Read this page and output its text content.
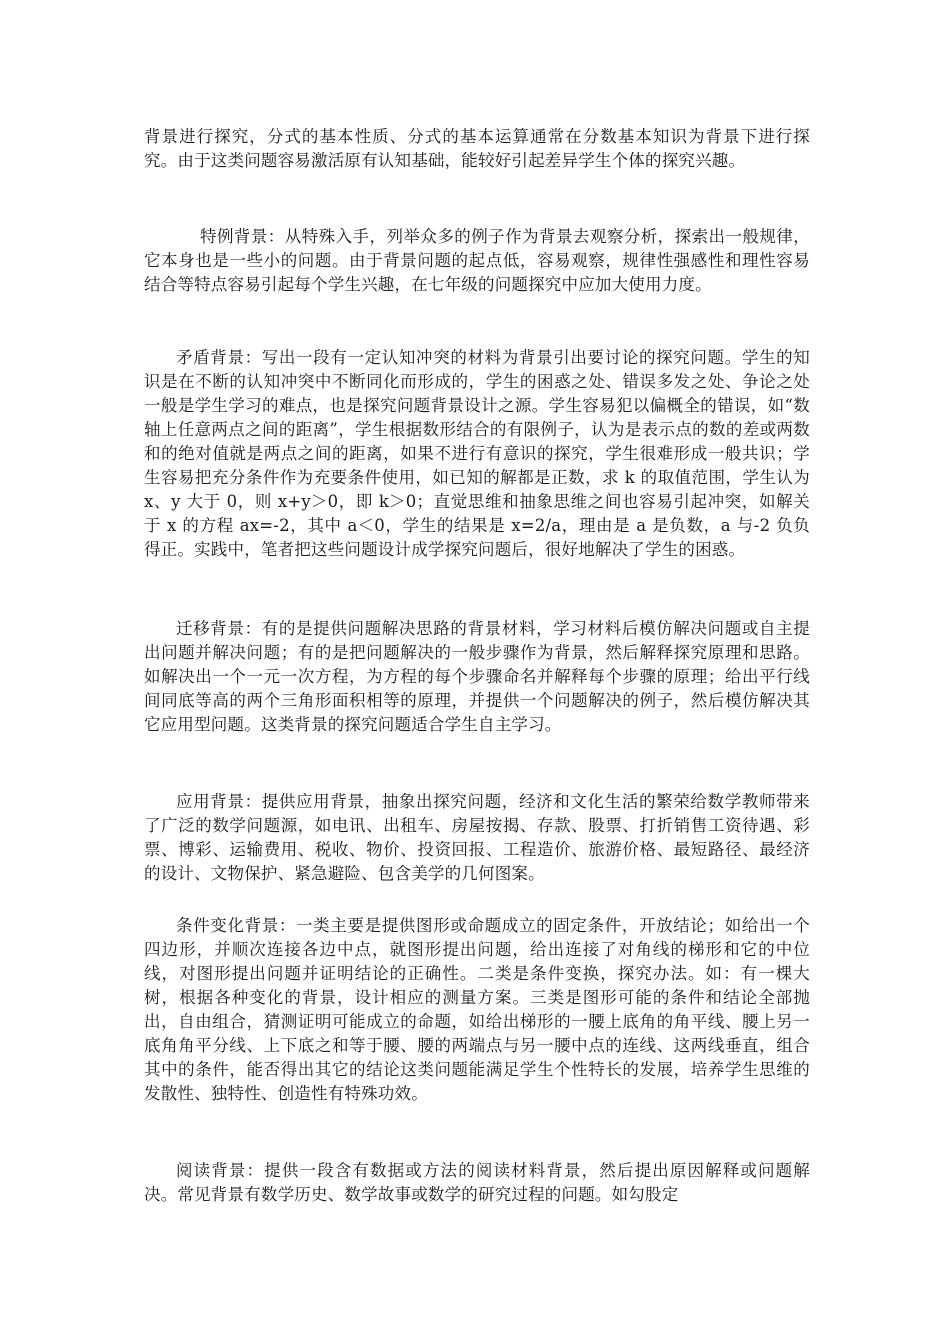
背景进行探究，分式的基本性质、分式的基本运算通常在分数基本知识为背景下进行探究。由于这类问题容易激活原有认知基础，能较好引起差异学生个体的探究兴趣。

特例背景：从特殊入手，列举众多的例子作为背景去观察分析，探索出一般规律，它本身也是一些小的问题。由于背景问题的起点低，容易观察，规律性强感性和理性容易结合等特点容易引起每个学生兴趣，在七年级的问题探究中应加大使用力度。

矛盾背景：写出一段有一定认知冲突的材料为背景引出要讨论的探究问题。学生的知识是在不断的认知冲突中不断同化而形成的，学生的困惑之处、错误多发之处、争论之处一般是学生学习的难点，也是探究问题背景设计之源。学生容易犯以偏概全的错误，如“数轴上任意两点之间的距离”，学生根据数形结合的有限例子，认为是表示点的数的差或两数和的绝对值就是两点之间的距离，如果不进行有意识的探究，学生很难形成一般共识；学生容易把充分条件作为充要条件使用，如已知的解都是正数，求 k 的取值范围，学生认为 x、y 大于 0，则 x+y＞0，即 k＞0；直觉思维和抽象思维之间也容易引起冲突，如解关于 x 的方程 ax=-2，其中 a＜0，学生的结果是 x=2/a，理由是 a 是负数，a 与-2 负负得正。实践中，笔者把这些问题设计成学探究问题后，很好地解决了学生的困惑。

迁移背景：有的是提供问题解决思路的背景材料，学习材料后模仿解决问题或自主提出问题并解决问题；有的是把问题解决的一般步骤作为背景，然后解释探究原理和思路。如解决出一个一元一次方程，为方程的每个步骤命名并解释每个步骤的原理；给出平行线间同底等高的两个三角形面积相等的原理，并提供一个问题解决的例子，然后模仿解决其它应用型问题。这类背景的探究问题适合学生自主学习。

应用背景：提供应用背景，抽象出探究问题，经济和文化生活的繁荣给数学教师带来了广泛的数学问题源，如电讯、出租车、房屋按揭、存款、股票、打折销售工资待遇、彩票、博彩、运输费用、税收、物价、投资回报、工程造价、旅游价格、最短路径、最经济的设计、文物保护、紧急避险、包含美学的几何图案。

条件变化背景：一类主要是提供图形或命题成立的固定条件，开放结论；如给出一个四边形，并顺次连接各边中点，就图形提出问题，给出连接了对角线的梯形和它的中位线，对图形提出问题并证明结论的正确性。二类是条件变换，探究办法。如：有一棵大树，根据各种变化的背景，设计相应的测量方案。三类是图形可能的条件和结论全部抛出，自由组合，猜测证明可能成立的命题，如给出梯形的一腰上底角的角平线、腰上另一底角角平分线、上下底之和等于腰、腰的两端点与另一腰中点的连线、这两线垂直，组合其中的条件，能否得出其它的结论这类问题能满足学生个性特长的发展，培养学生思维的发散性、独特性、创造性有特殊功效。

阅读背景：提供一段含有数据或方法的阅读材料背景，然后提出原因解释或问题解决。常见背景有数学历史、数学故事或数学的研究过程的问题。如勾股定
